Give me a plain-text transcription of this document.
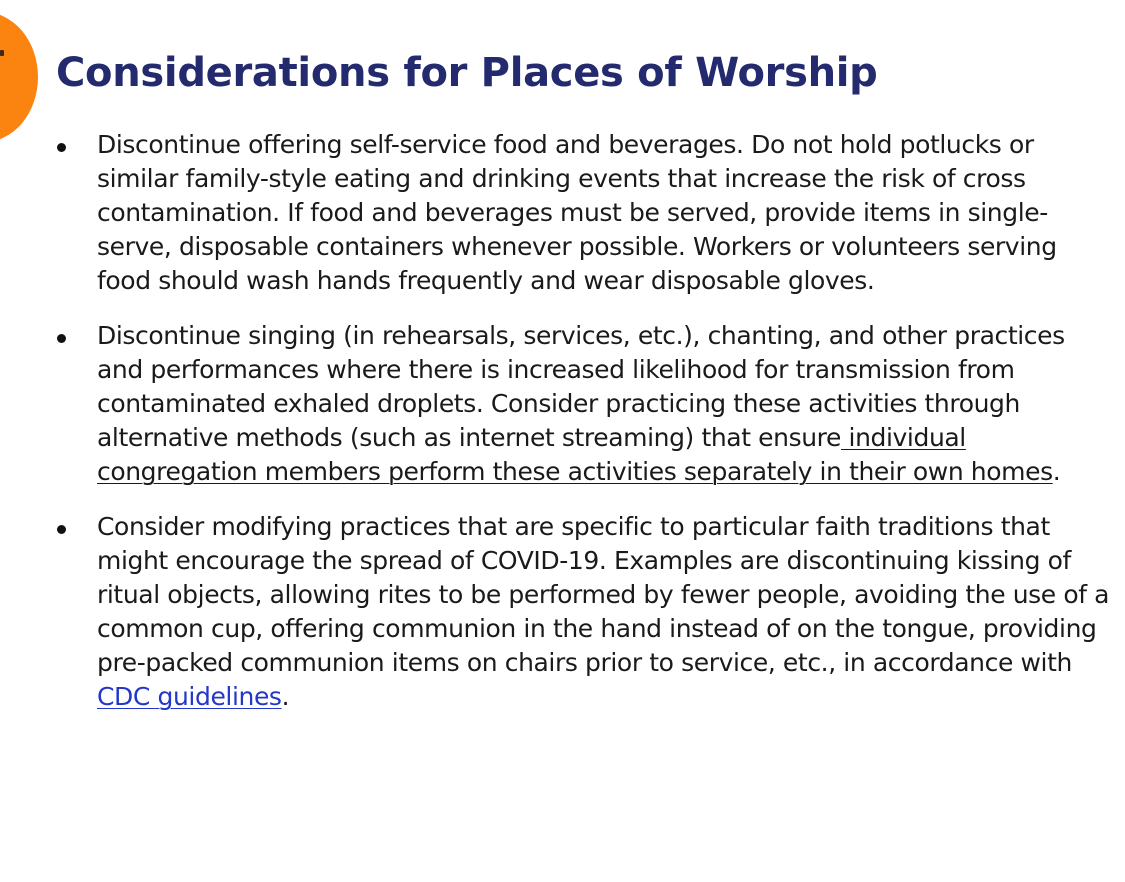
Considerations for Places of Worship
Discontinue offering self-service food and beverages. Do not hold potlucks or similar family-style eating and drinking events that increase the risk of cross contamination. If food and beverages must be served, provide items in single-serve, disposable containers whenever possible. Workers or volunteers serving food should wash hands frequently and wear disposable gloves.
Discontinue singing (in rehearsals, services, etc.), chanting, and other practices and performances where there is increased likelihood for transmission from contaminated exhaled droplets. Consider practicing these activities through alternative methods (such as internet streaming) that ensure individual congregation members perform these activities separately in their own homes.
Consider modifying practices that are specific to particular faith traditions that might encourage the spread of COVID-19. Examples are discontinuing kissing of ritual objects, allowing rites to be performed by fewer people, avoiding the use of a common cup, offering communion in the hand instead of on the tongue, providing pre-packed communion items on chairs prior to service, etc., in accordance with CDC guidelines.
